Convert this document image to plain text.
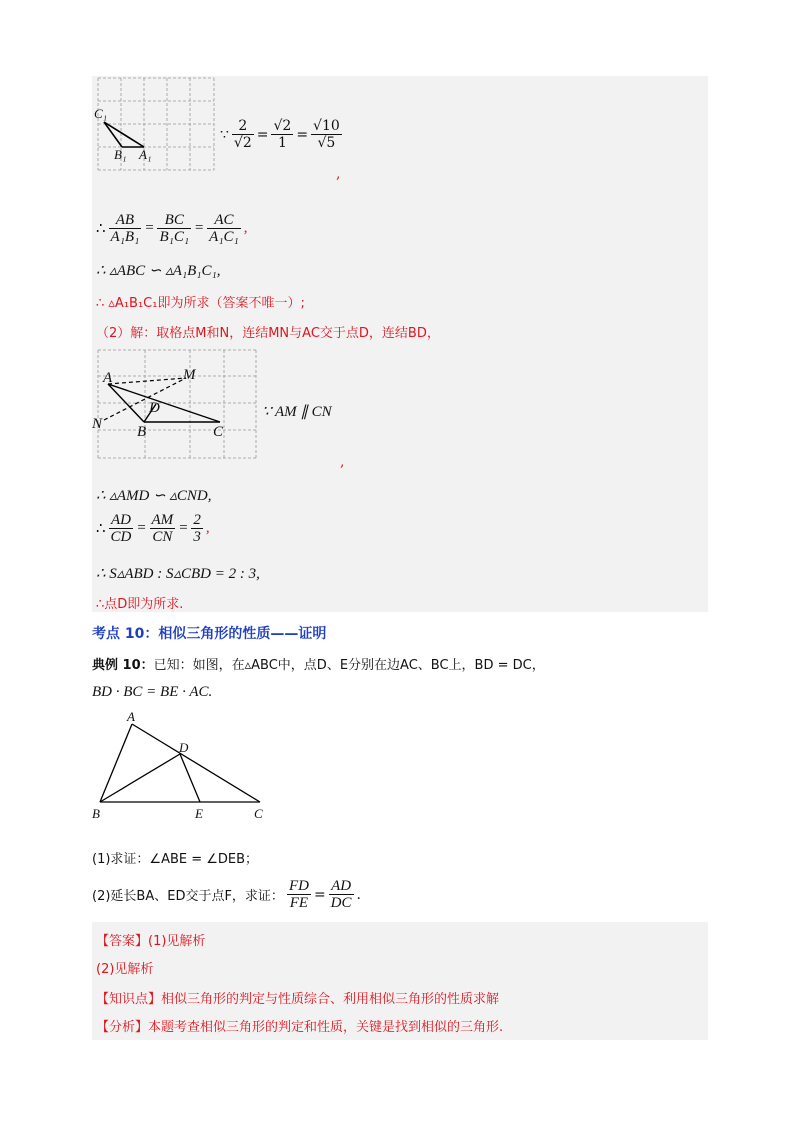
C₁
B₁ A₁
∵ $\frac{2}{√2} = \frac{√2}{1} = \frac{√10}{√5}$
,
∴ $\frac{AB}{\text{A₁B₁}} = \frac{BC}{\text{B₁C₁}} = \frac{AC}{\text{A₁C₁}}$ ,
∴ ▵ABC ∽ ▵A₁B₁C₁,
∴ ▵A₁B₁C₁即为所求（答案不唯一）;
（2）解：取格点M和N，连结MN与AC交于点D，连结BD，
A	M
D
N B	C
∵ AM ∥ CN
,
∴ ▵AMD ∽ ▵CND,
∴ $\frac{AD}{CD} = \frac{AM}{CN} = \frac{2}{3}$ ,
∴ S▵ABD : S▵CBD = 2 : 3,
∴点D即为所求.
考点 10：相似三角形的性质——证明
典例 10：已知：如图，在▵ABC中，点D、E分别在边AC、BC上，BD = DC，
BD · BC = BE · AC.
A
D
B	E	C
(1)求证：∠ABE = ∠DEB；
(2)延长BA、ED交于点F，求证： $\frac{FD}{FE} = \frac{AD}{DC}$ .
【答案】(1)见解析
(2)见解析
【知识点】相似三角形的判定与性质综合、利用相似三角形的性质求解
【分析】本题考查相似三角形的判定和性质，关键是找到相似的三角形.
